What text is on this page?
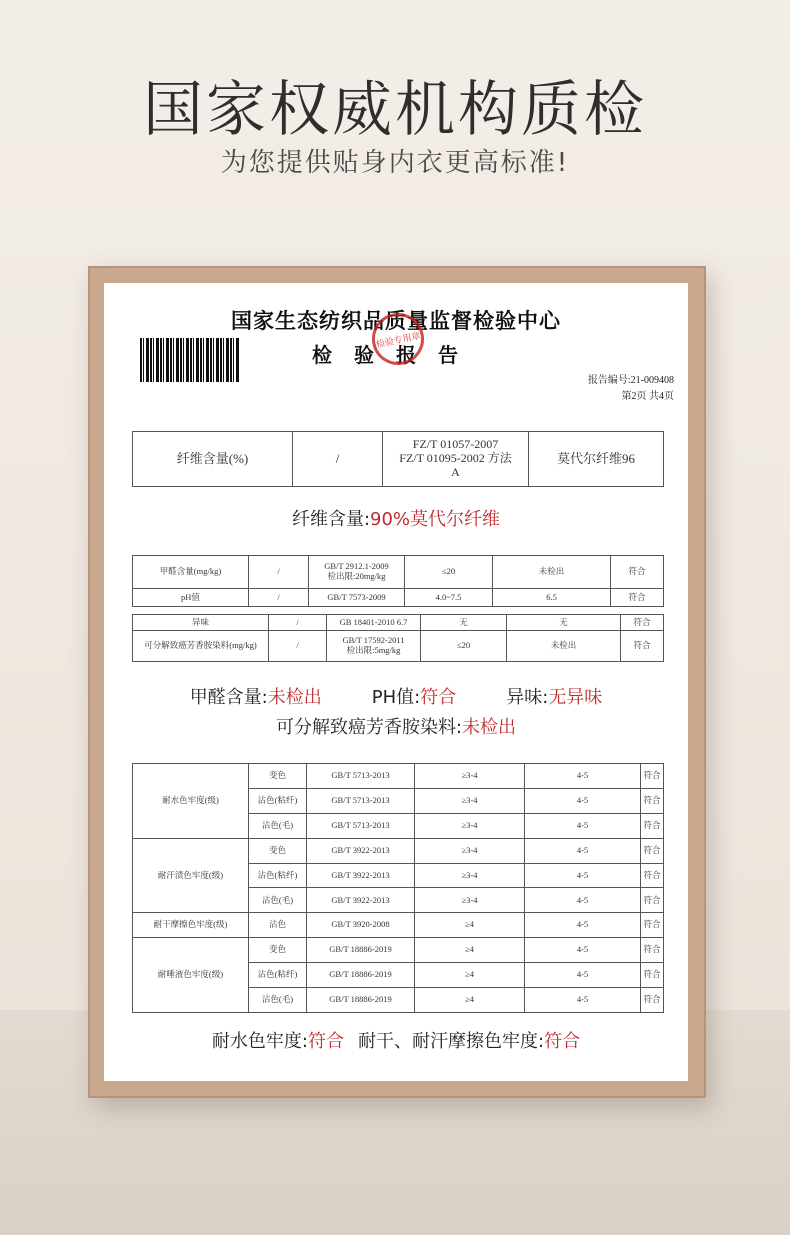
国家权威机构质检
为您提供贴身内衣更高标准!
国家生态纺织品质量监督检验中心
检验报告
检验专用章
报告编号:21-009408
第2页 共4页
纤维含量(%)	/	
FZ/T 01057-2007
FZ/T 01095-2002 方法
A
	莫代尔纤维96
纤维含量:90%莫代尔纤维
甲醛含量(mg/kg)	/	GB/T 2912.1-2009
检出限:20mg/kg	≤20	未检出	符合
pH值	/	GB/T 7573-2009	4.0~7.5	6.5	符合
异味	/	GB 18401-2010 6.7	无	无	符合
可分解致癌芳香胺染料(mg/kg)	/	GB/T 17592-2011
检出限:5mg/kg	≤20	未检出	符合
甲醛含量:未检出	PH值:符合	异味:无异味
可分解致癌芳香胺染料:未检出
耐水色牢度(级)	变色	GB/T 5713-2013	≥3-4	4-5	符合
	沾色(粘纤)	GB/T 5713-2013	≥3-4	4-5	符合
	沾色(毛)	GB/T 5713-2013	≥3-4	4-5	符合
耐汗渍色牢度(级)	变色	GB/T 3922-2013	≥3-4	4-5	符合
	沾色(粘纤)	GB/T 3922-2013	≥3-4	4-5	符合
	沾色(毛)	GB/T 3922-2013	≥3-4	4-5	符合
耐干摩擦色牢度(级)	沾色	GB/T 3920-2008	≥4	4-5	符合
耐唾液色牢度(级)	变色	GB/T 18886-2019	≥4	4-5	符合
	沾色(粘纤)	GB/T 18886-2019	≥4	4-5	符合
	沾色(毛)	GB/T 18886-2019	≥4	4-5	符合
耐水色牢度:符合 耐干、耐汗摩擦色牢度:符合
